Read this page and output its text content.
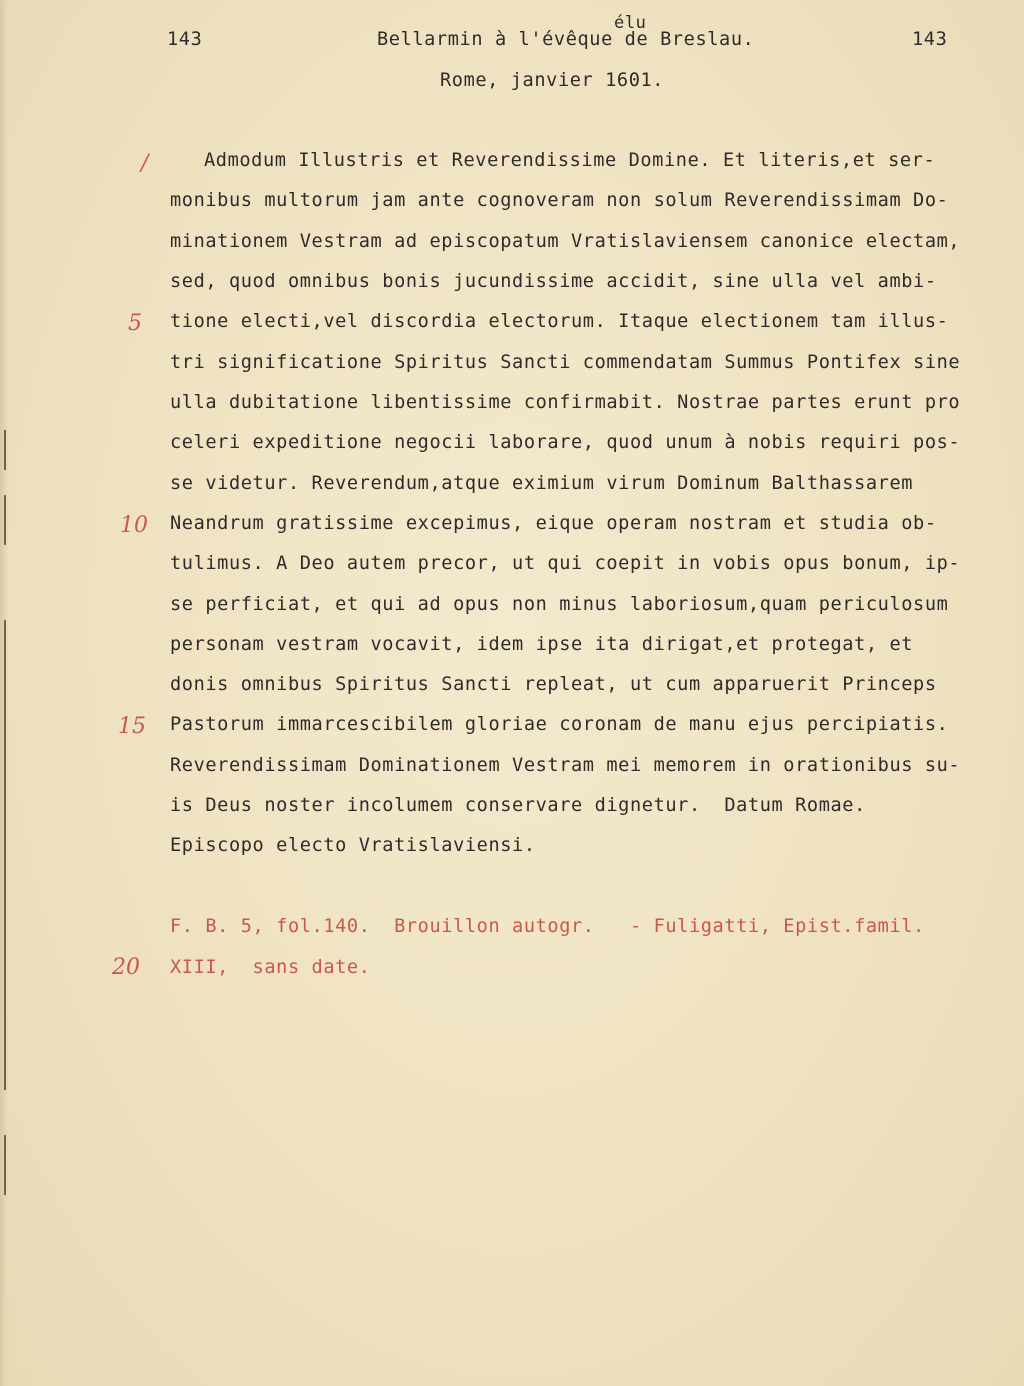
143
élu
Bellarmin à l'évêque de Breslau.	143
Rome, janvier 1601.
Admodum Illustris et Reverendissime Domine. Et literis,et ser-
monibus multorum jam ante cognoveram non solum Reverendissimam Do-
minationem Vestram ad episcopatum Vratislaviensem canonice electam,
sed, quod omnibus bonis jucundissime accidit, sine ulla vel ambi-
tione electi,vel discordia electorum. Itaque electionem tam illus-
tri significatione Spiritus Sancti commendatam Summus Pontifex sine
ulla dubitatione libentissime confirmabit. Nostrae partes erunt pro
celeri expeditione negocii laborare, quod unum à nobis requiri pos-
se videtur. Reverendum,atque eximium virum Dominum Balthassarem
Neandrum gratissime excepimus, eique operam nostram et studia ob-
tulimus. A Deo autem precor, ut qui coepit in vobis opus bonum, ip-
se perficiat, et qui ad opus non minus laboriosum,quam periculosum
personam vestram vocavit, idem ipse ita dirigat,et protegat, et
donis omnibus Spiritus Sancti repleat, ut cum apparuerit Princeps
Pastorum immarcescibilem gloriae coronam de manu ejus percipiatis.
Reverendissimam Dominationem Vestram mei memorem in orationibus su-
is Deus noster incolumem conservare dignetur.  Datum Romae.
Episcopo electo Vratislaviensi.
F. B. 5, fol.140.  Brouillon autogr.   - Fuligatti, Epist.famil.
XIII,  sans date.
/
5
10
15
20
